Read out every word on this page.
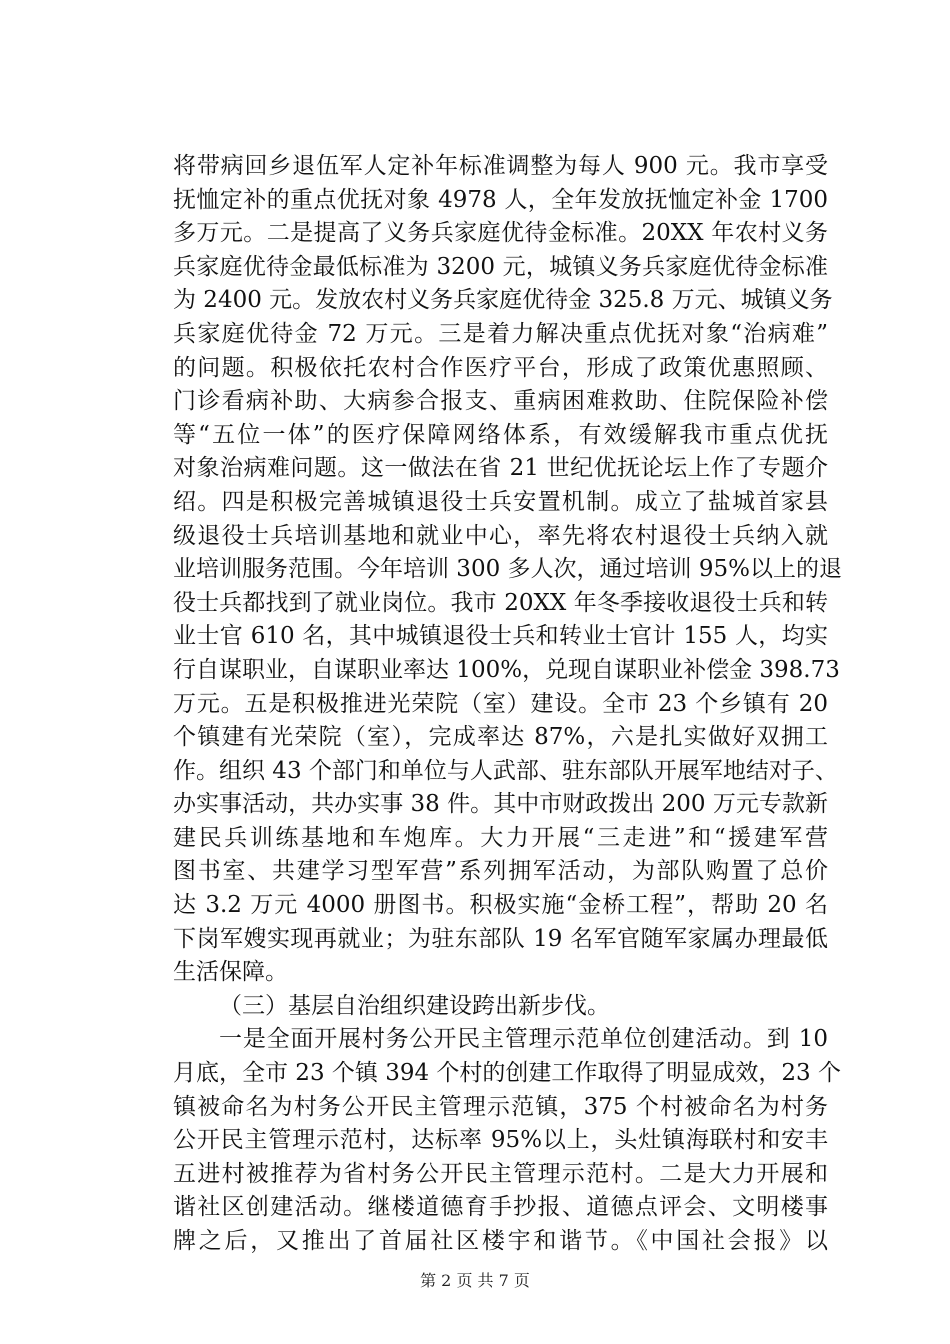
将带病回乡退伍军人定补年标准调整为每人 900 元。我市享受
抚恤定补的重点优抚对象 4978 人，全年发放抚恤定补金 1700
多万元。二是提高了义务兵家庭优待金标准。20XX 年农村义务
兵家庭优待金最低标准为 3200 元，城镇义务兵家庭优待金标准
为 2400 元。发放农村义务兵家庭优待金 325.8 万元、城镇义务
兵家庭优待金 72 万元。三是着力解决重点优抚对象“治病难”
的问题。积极依托农村合作医疗平台，形成了政策优惠照顾、
门诊看病补助、大病参合报支、重病困难救助、住院保险补偿
等“五位一体”的医疗保障网络体系，有效缓解我市重点优抚
对象治病难问题。这一做法在省 21 世纪优抚论坛上作了专题介
绍。四是积极完善城镇退役士兵安置机制。成立了盐城首家县
级退役士兵培训基地和就业中心，率先将农村退役士兵纳入就
业培训服务范围。今年培训 300 多人次，通过培训 95%以上的退
役士兵都找到了就业岗位。我市 20XX 年冬季接收退役士兵和转
业士官 610 名，其中城镇退役士兵和转业士官计 155 人，均实
行自谋职业，自谋职业率达 100%，兑现自谋职业补偿金 398.73
万元。五是积极推进光荣院（室）建设。全市 23 个乡镇有 20
个镇建有光荣院（室），完成率达 87%，六是扎实做好双拥工
作。组织 43 个部门和单位与人武部、驻东部队开展军地结对子、
办实事活动，共办实事 38 件。其中市财政拨出 200 万元专款新
建民兵训练基地和车炮库。大力开展“三走进”和“援建军营
图书室、共建学习型军营”系列拥军活动，为部队购置了总价
达 3.2 万元 4000 册图书。积极实施“金桥工程”，帮助 20 名
下岗军嫂实现再就业；为驻东部队 19 名军官随军家属办理最低
生活保障。
（三）基层自治组织建设跨出新步伐。
一是全面开展村务公开民主管理示范单位创建活动。到 10
月底，全市 23 个镇 394 个村的创建工作取得了明显成效，23 个
镇被命名为村务公开民主管理示范镇，375 个村被命名为村务
公开民主管理示范村，达标率 95%以上，头灶镇海联村和安丰
五进村被推荐为省村务公开民主管理示范村。二是大力开展和
谐社区创建活动。继楼道德育手抄报、道德点评会、文明楼事
牌之后，又推出了首届社区楼宇和谐节。《中国社会报》以
第 2 页 共 7 页
